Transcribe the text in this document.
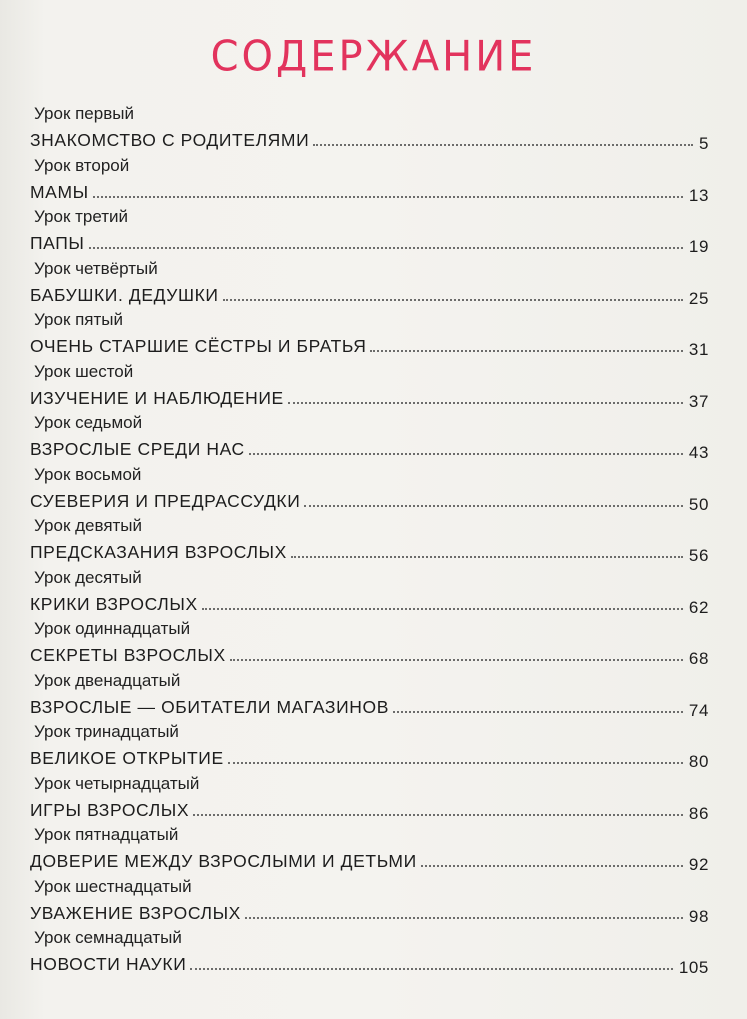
СОДЕРЖАНИЕ
Урок первый
ЗНАКОМСТВО С РОДИТЕЛЯМИ	5
Урок второй
МАМЫ	13
Урок третий
ПАПЫ	19
Урок четвёртый
БАБУШКИ. ДЕДУШКИ	25
Урок пятый
ОЧЕНЬ СТАРШИЕ СЁСТРЫ И БРАТЬЯ	31
Урок шестой
ИЗУЧЕНИЕ И НАБЛЮДЕНИЕ	37
Урок седьмой
ВЗРОСЛЫЕ СРЕДИ НАС	43
Урок восьмой
СУЕВЕРИЯ И ПРЕДРАССУДКИ	50
Урок девятый
ПРЕДСКАЗАНИЯ ВЗРОСЛЫХ	56
Урок десятый
КРИКИ ВЗРОСЛЫХ	62
Урок одиннадцатый
СЕКРЕТЫ ВЗРОСЛЫХ	68
Урок двенадцатый
ВЗРОСЛЫЕ — ОБИТАТЕЛИ МАГАЗИНОВ	74
Урок тринадцатый
ВЕЛИКОЕ ОТКРЫТИЕ	80
Урок четырнадцатый
ИГРЫ ВЗРОСЛЫХ	86
Урок пятнадцатый
ДОВЕРИЕ МЕЖДУ ВЗРОСЛЫМИ И ДЕТЬМИ	92
Урок шестнадцатый
УВАЖЕНИЕ ВЗРОСЛЫХ	98
Урок семнадцатый
НОВОСТИ НАУКИ	105
